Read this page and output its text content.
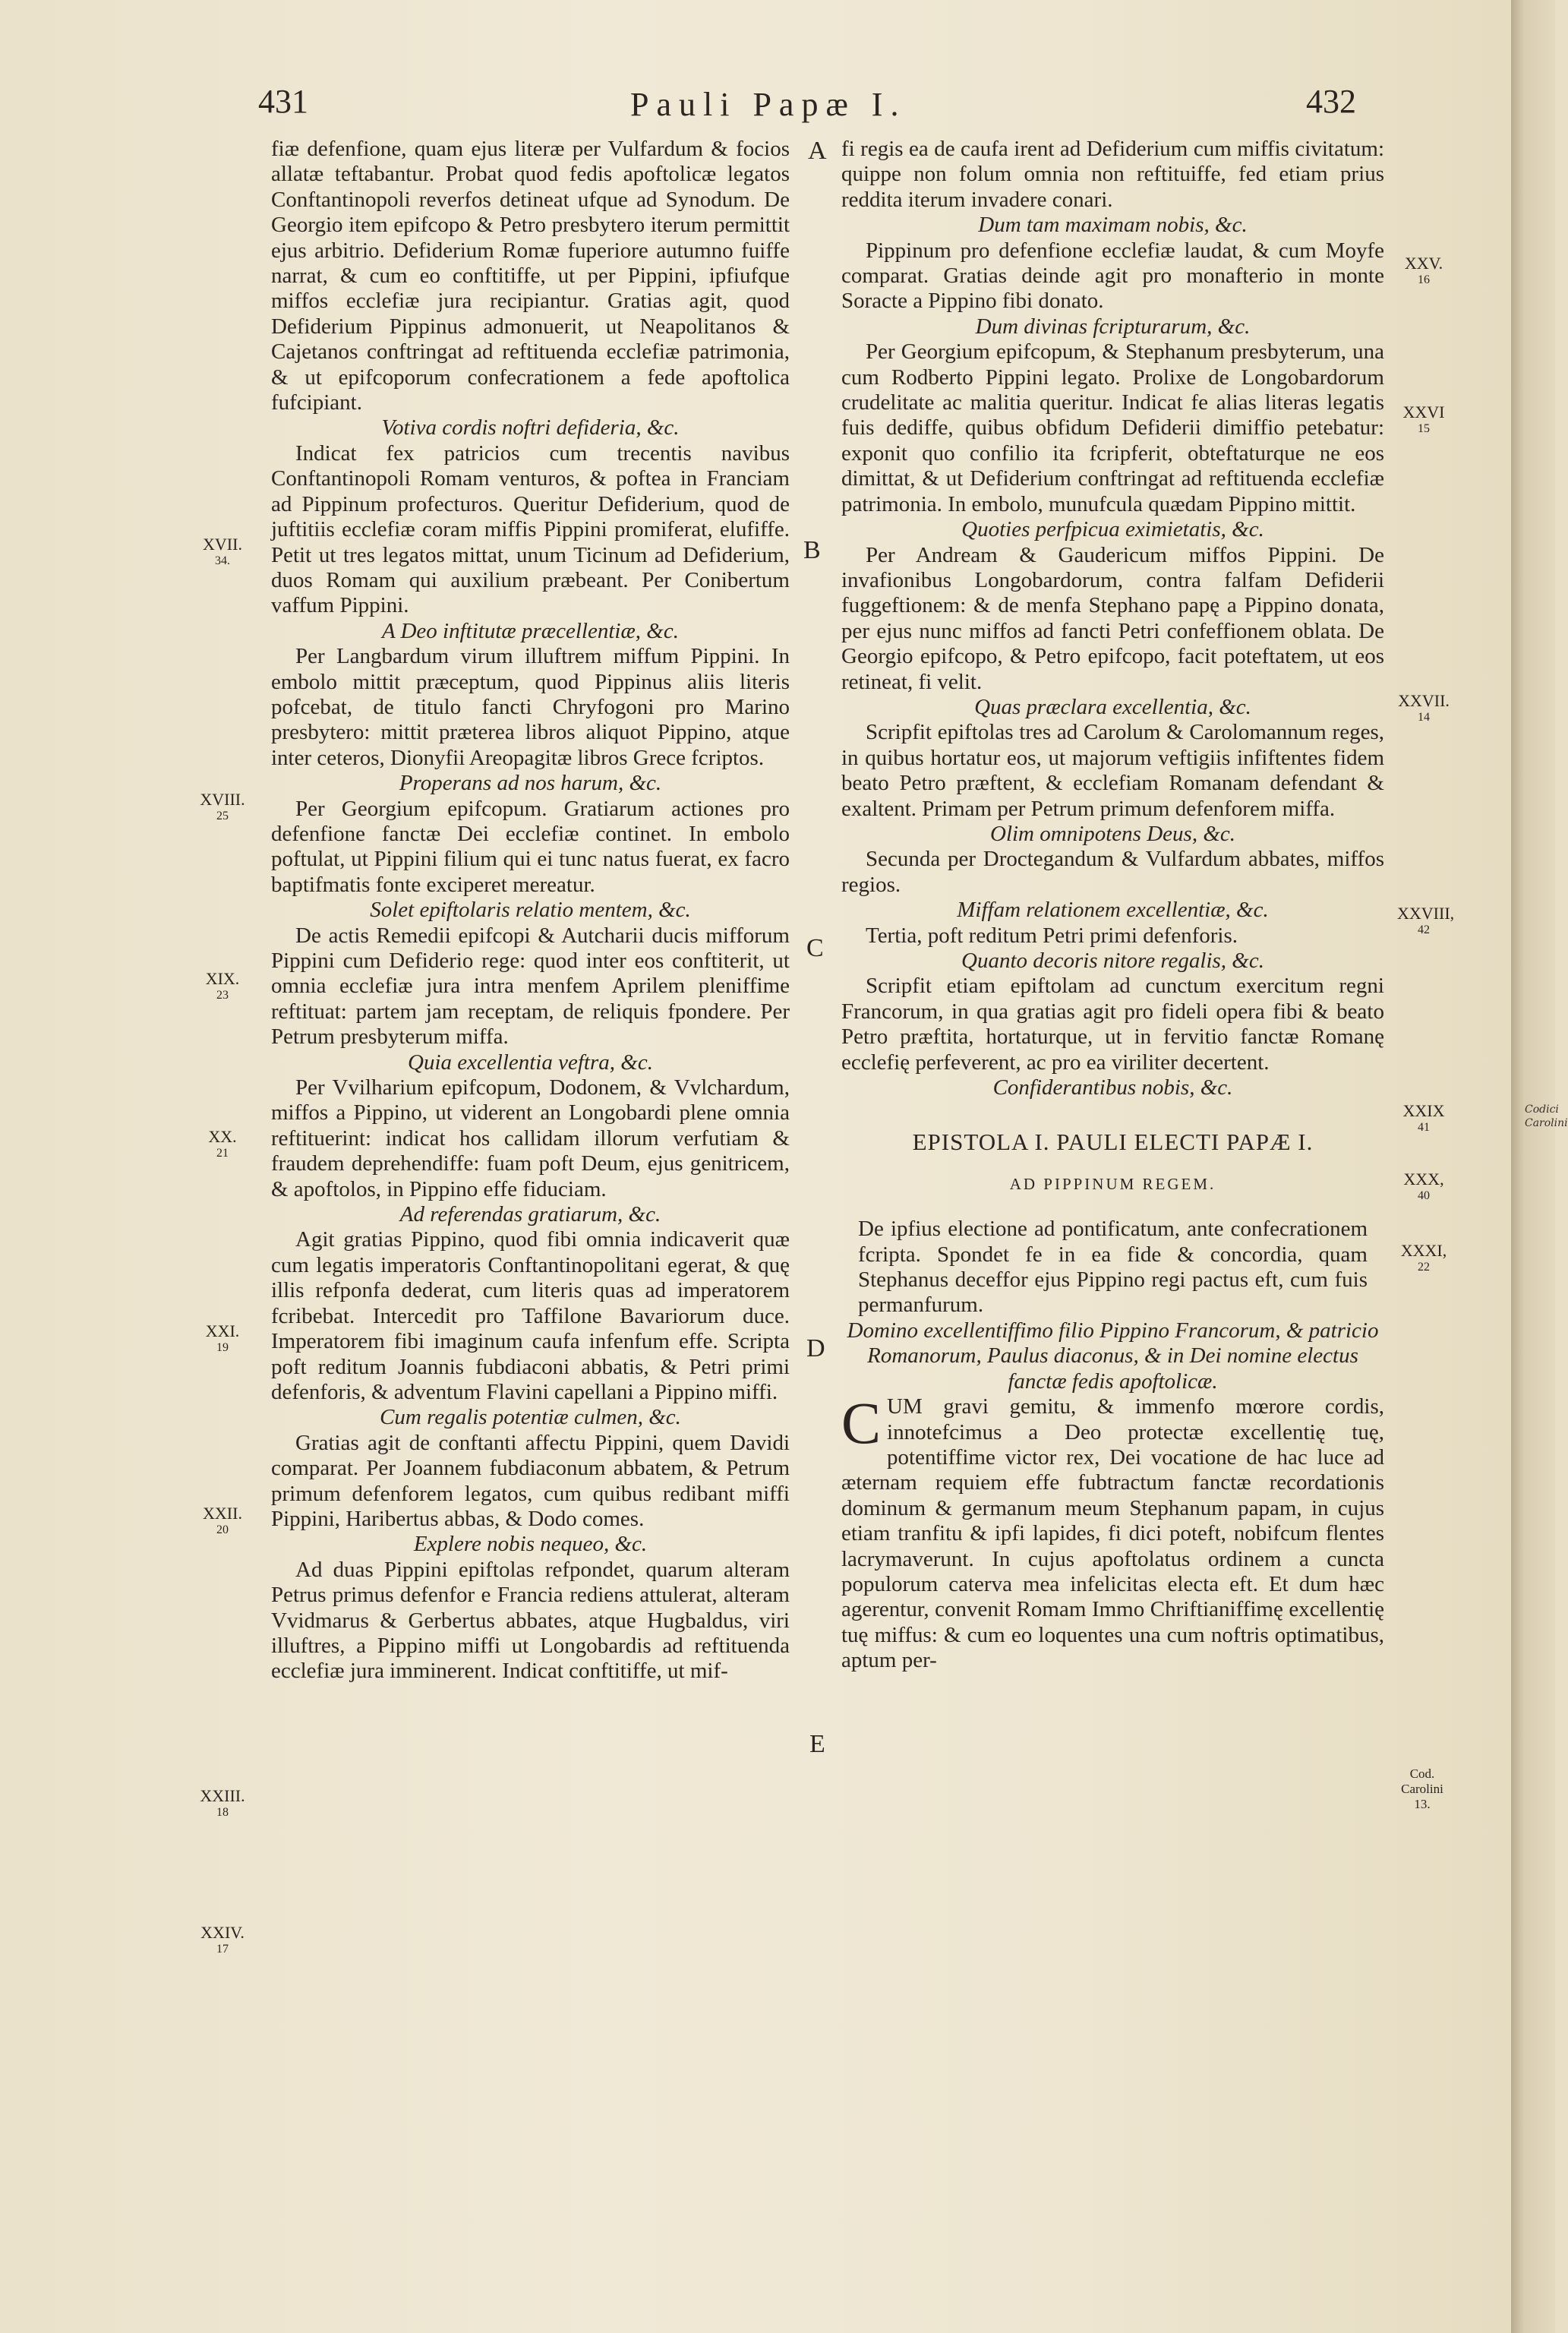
431	Pauli Papæ I.	432

fiæ defenfione, quam ejus literæ per Vulfardum & focios allatæ teftabantur. Probat quod fedis apoftolicæ legatos Conftantinopoli reverfos detineat ufque ad Synodum. De Georgio item epifcopo & Petro presbytero iterum permittit ejus arbitrio. Defiderium Romæ fuperiore autumno fuiffe narrat, & cum eo conftitiffe, ut per Pippini, ipfiufque miffos ecclefiæ jura recipiantur. Gratias agit, quod Defiderium Pippinus admonuerit, ut Neapolitanos & Cajetanos conftringat ad reftituenda ecclefiæ patrimonia, & ut epifcoporum confecrationem a fede apoftolica fufcipiant.

Votiva cordis noftri defideria, &c.

Indicat fex patricios cum trecentis navibus Conftantinopoli Romam venturos, & poftea in Franciam ad Pippinum profecturos. Queritur Defiderium, quod de juftitiis ecclefiæ coram miffis Pippini promiferat, elufiffe. Petit ut tres legatos mittat, unum Ticinum ad Defiderium, duos Romam qui auxilium præbeant. Per Conibertum vaffum Pippini.

A Deo inftitutæ præcellentiæ, &c.

Per Langbardum virum illuftrem miffum Pippini. In embolo mittit præceptum, quod Pippinus aliis literis pofcebat, de titulo fancti Chryfogoni pro Marino presbytero: mittit præterea libros aliquot Pippino, atque inter ceteros, Dionyfii Areopagitæ libros Grece fcriptos.

Properans ad nos harum, &c.

Per Georgium epifcopum. Gratiarum actiones pro defenfione fanctæ Dei ecclefiæ continet. In embolo poftulat, ut Pippini filium qui ei tunc natus fuerat, ex facro baptifmatis fonte exciperet mereatur.

Solet epiftolaris relatio mentem, &c.

De actis Remedii epifcopi & Autcharii ducis mifforum Pippini cum Defiderio rege: quod inter eos conftiterit, ut omnia ecclefiæ jura intra menfem Aprilem pleniffime reftituat: partem jam receptam, de reliquis fpondere. Per Petrum presbyterum miffa.

Quia excellentia veftra, &c.

Per Vvilharium epifcopum, Dodonem, & Vvlchardum, miffos a Pippino, ut viderent an Longobardi plene omnia reftituerint: indicat hos callidam illorum verfutiam & fraudem deprehendiffe: fuam poft Deum, ejus genitricem, & apoftolos, in Pippino effe fiduciam.

Ad referendas gratiarum, &c.

Agit gratias Pippino, quod fibi omnia indicaverit quæ cum legatis imperatoris Conftantinopolitani egerat, & quę illis refponfa dederat, cum literis quas ad imperatorem fcribebat. Intercedit pro Taffilone Bavariorum duce. Imperatorem fibi imaginum caufa infenfum effe. Scripta poft reditum Joannis fubdiaconi abbatis, & Petri primi defenforis, & adventum Flavini capellani a Pippino miffi.

Cum regalis potentiæ culmen, &c.

Gratias agit de conftanti affectu Pippini, quem Davidi comparat. Per Joannem fubdiaconum abbatem, & Petrum primum defenforem legatos, cum quibus redibant miffi Pippini, Haribertus abbas, & Dodo comes.

Explere nobis nequeo, &c.

Ad duas Pippini epiftolas refpondet, quarum alteram Petrus primus defenfor e Francia rediens attulerat, alteram Vvidmarus & Gerbertus abbates, atque Hugbaldus, viri illuftres, a Pippino miffi ut Longobardis ad reftituenda ecclefiæ jura imminerent. Indicat conftitiffe, ut mif-

fi regis ea de caufa irent ad Defiderium cum miffis civitatum: quippe non folum omnia non reftituiffe, fed etiam prius reddita iterum invadere conari.

Dum tam maximam nobis, &c.

Pippinum pro defenfione ecclefiæ laudat, & cum Moyfe comparat. Gratias deinde agit pro monafterio in monte Soracte a Pippino fibi donato.

Dum divinas fcripturarum, &c.

Per Georgium epifcopum, & Stephanum presbyterum, una cum Rodberto Pippini legato. Prolixe de Longobardorum crudelitate ac malitia queritur. Indicat fe alias literas legatis fuis dediffe, quibus obfidum Defiderii dimiffio petebatur: exponit quo confilio ita fcripferit, obteftaturque ne eos dimittat, & ut Defiderium conftringat ad reftituenda ecclefiæ patrimonia. In embolo, munufcula quædam Pippino mittit.

Quoties perfpicua eximietatis, &c.

Per Andream & Gaudericum miffos Pippini. De invafionibus Longobardorum, contra falfam Defiderii fuggeftionem: & de menfa Stephano papę a Pippino donata, per ejus nunc miffos ad fancti Petri confeffionem oblata. De Georgio epifcopo, & Petro epifcopo, facit poteftatem, ut eos retineat, fi velit.

Quas præclara excellentia, &c.

Scripfit epiftolas tres ad Carolum & Carolomannum reges, in quibus hortatur eos, ut majorum veftigiis infiftentes fidem beato Petro præftent, & ecclefiam Romanam defendant & exaltent. Primam per Petrum primum defenforem miffa.

Olim omnipotens Deus, &c.

Secunda per Droctegandum & Vulfardum abbates, miffos regios.

Miffam relationem excellentiæ, &c.

Tertia, poft reditum Petri primi defenforis.

Quanto decoris nitore regalis, &c.

Scripfit etiam epiftolam ad cunctum exercitum regni Francorum, in qua gratias agit pro fideli opera fibi & beato Petro præftita, hortaturque, ut in fervitio fanctæ Romanę ecclefię perfeverent, ac pro ea viriliter decertent.

Confiderantibus nobis, &c.

EPISTOLA I. PAULI ELECTI PAPÆ I.
AD PIPPINUM REGEM.

De ipfius electione ad pontificatum, ante confecrationem fcripta. Spondet fe in ea fide & concordia, quam Stephanus deceffor ejus Pippino regi pactus eft, cum fuis permanfurum.

Domino excellentiffimo filio Pippino Francorum, & patricio Romanorum, Paulus diaconus, & in Dei nomine electus fanctæ fedis apoftolicæ.

CUM gravi gemitu, & immenfo mœrore cordis, innotefcimus a Deo protectæ excellentię tuę, potentiffime victor rex, Dei vocatione de hac luce ad æternam requiem effe fubtractum fanctæ recordationis dominum & germanum meum Stephanum papam, in cujus etiam tranfitu & ipfi lapides, fi dici poteft, nobifcum flentes lacrymaverunt. In cujus apoftolatus ordinem a cuncta populorum caterva mea infelicitas electa eft. Et dum hæc agerentur, convenit Romam Immo Chriftianiffimę excellentię tuę miffus: & cum eo loquentes una cum noftris optimatibus, aptum per-

A
B
C
D
E
XVII.
34.
XVIII.
25
XIX.
23
XX.
21
XXI.
19
XXII.
20
XXIII.
18
XXIV.
17
XXV.
16
XXVI
15
XXVII.
14
XXVIII,
42
XXIX
41
XXX,
40
XXXI,
22
Cod. Carolini 13.
Codici Carolini
